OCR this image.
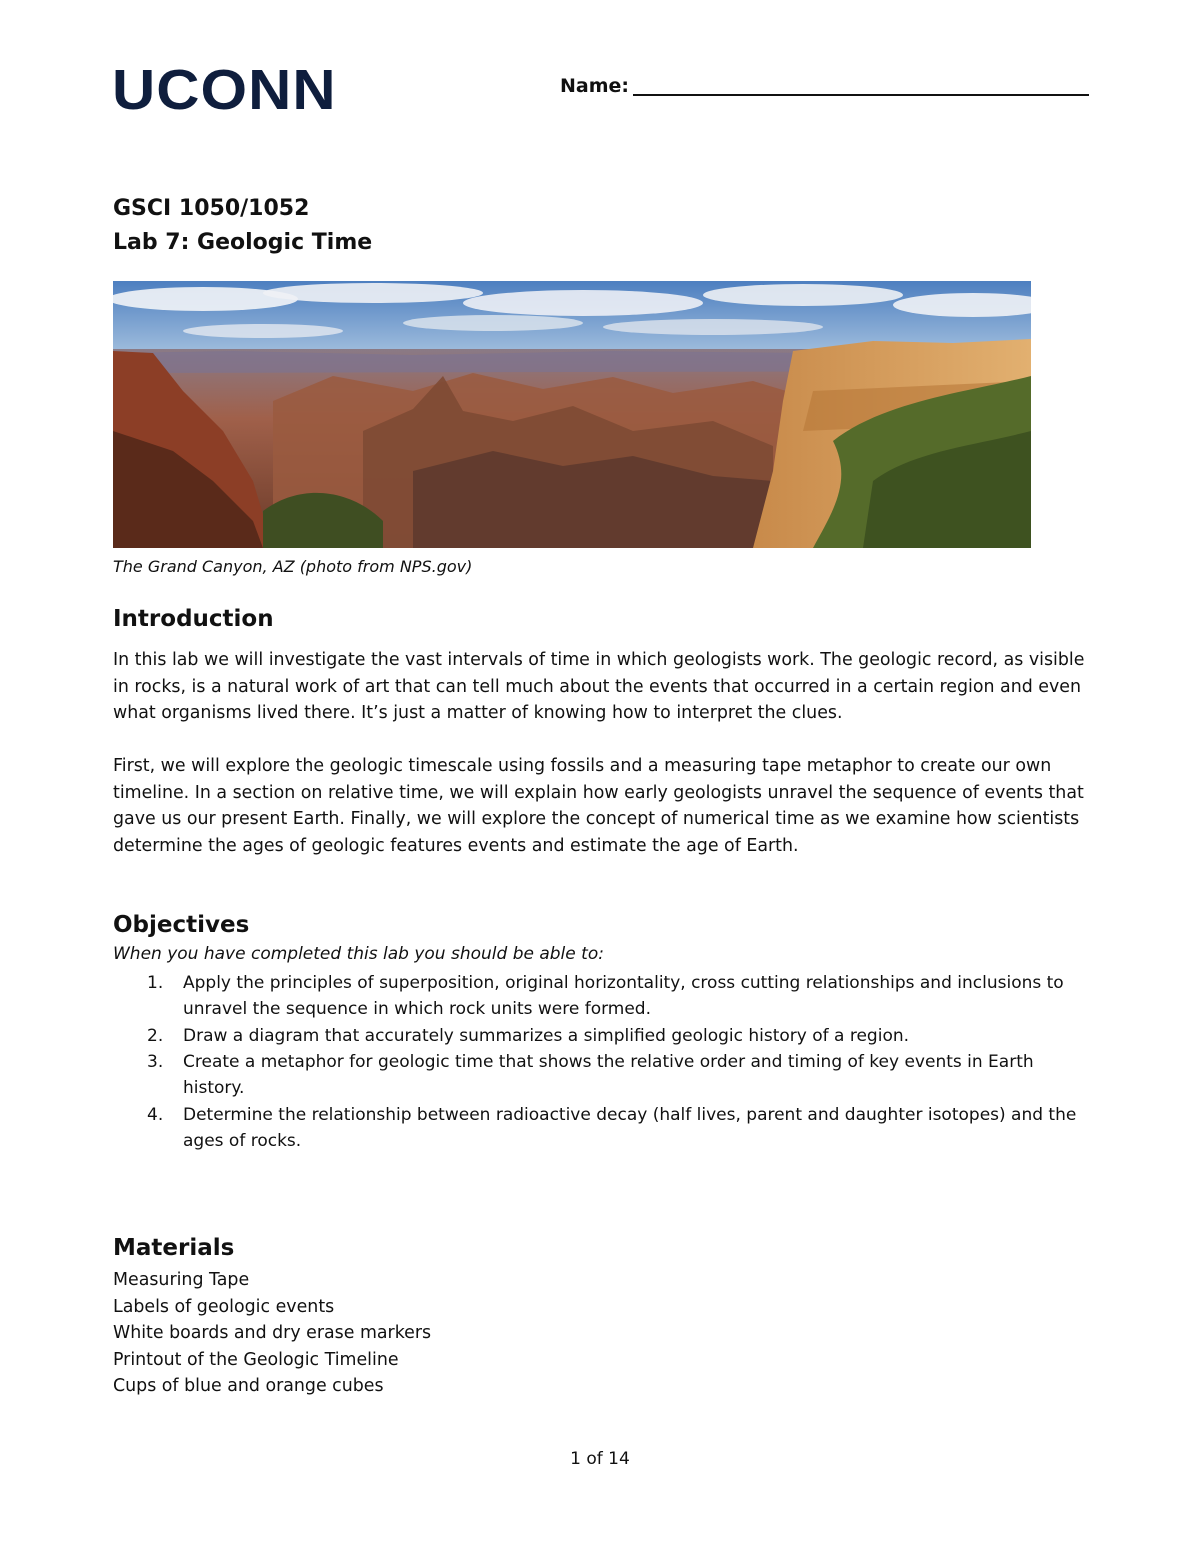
UCONN	Name:
GSCI 1050/1052
Lab 7: Geologic Time
The Grand Canyon, AZ (photo from NPS.gov)
Introduction

In this lab we will investigate the vast intervals of time in which geologists work. The geologic record, as visible in rocks, is a natural work of art that can tell much about the events that occurred in a certain region and even what organisms lived there. It’s just a matter of knowing how to interpret the clues.

First, we will explore the geologic timescale using fossils and a measuring tape metaphor to create our own timeline. In a section on relative time, we will explain how early geologists unravel the sequence of events that gave us our present Earth. Finally, we will explore the concept of numerical time as we examine how scientists determine the ages of geologic features events and estimate the age of Earth.

Objectives
When you have completed this lab you should be able to:
1. Apply the principles of superposition, original horizontality, cross cutting relationships and inclusions to unravel the sequence in which rock units were formed.
2. Draw a diagram that accurately summarizes a simplified geologic history of a region.
3. Create a metaphor for geologic time that shows the relative order and timing of key events in Earth history.
4. Determine the relationship between radioactive decay (half lives, parent and daughter isotopes) and the ages of rocks.
Materials
Measuring Tape
Labels of geologic events
White boards and dry erase markers
Printout of the Geologic Timeline
Cups of blue and orange cubes
1 of 14
